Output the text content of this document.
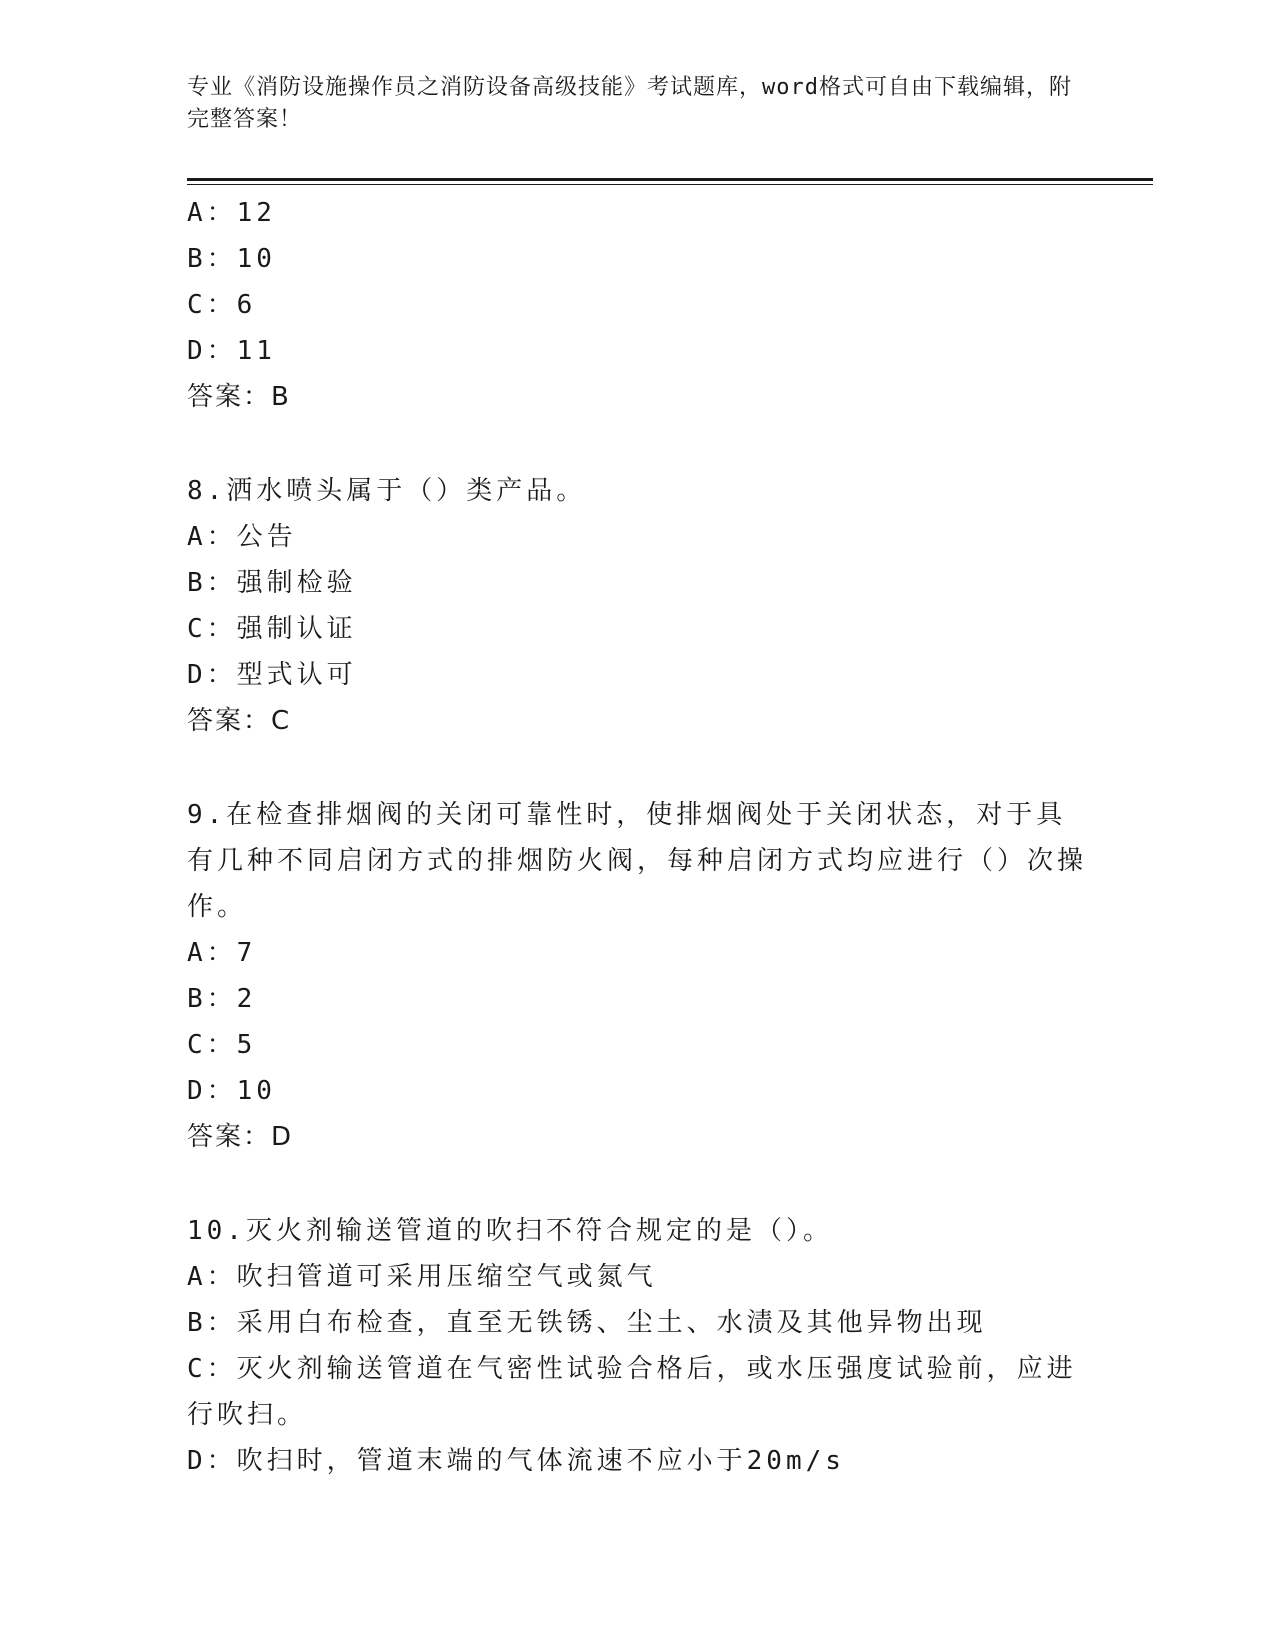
专业《消防设施操作员之消防设备高级技能》考试题库，word格式可自由下载编辑，附完整答案！
A：12
B：10
C：6
D：11
答案：B
8.洒水喷头属于（）类产品。
A：公告
B：强制检验
C：强制认证
D：型式认可
答案：C
9.在检查排烟阀的关闭可靠性时，使排烟阀处于关闭状态，对于具有几种不同启闭方式的排烟防火阀，每种启闭方式均应进行（）次操作。
A：7
B：2
C：5
D：10
答案：D
10.灭火剂输送管道的吹扫不符合规定的是（）。
A：吹扫管道可采用压缩空气或氮气
B：采用白布检查，直至无铁锈、尘土、水渍及其他异物出现
C：灭火剂输送管道在气密性试验合格后，或水压强度试验前，应进行吹扫。
D：吹扫时，管道末端的气体流速不应小于20m/s
